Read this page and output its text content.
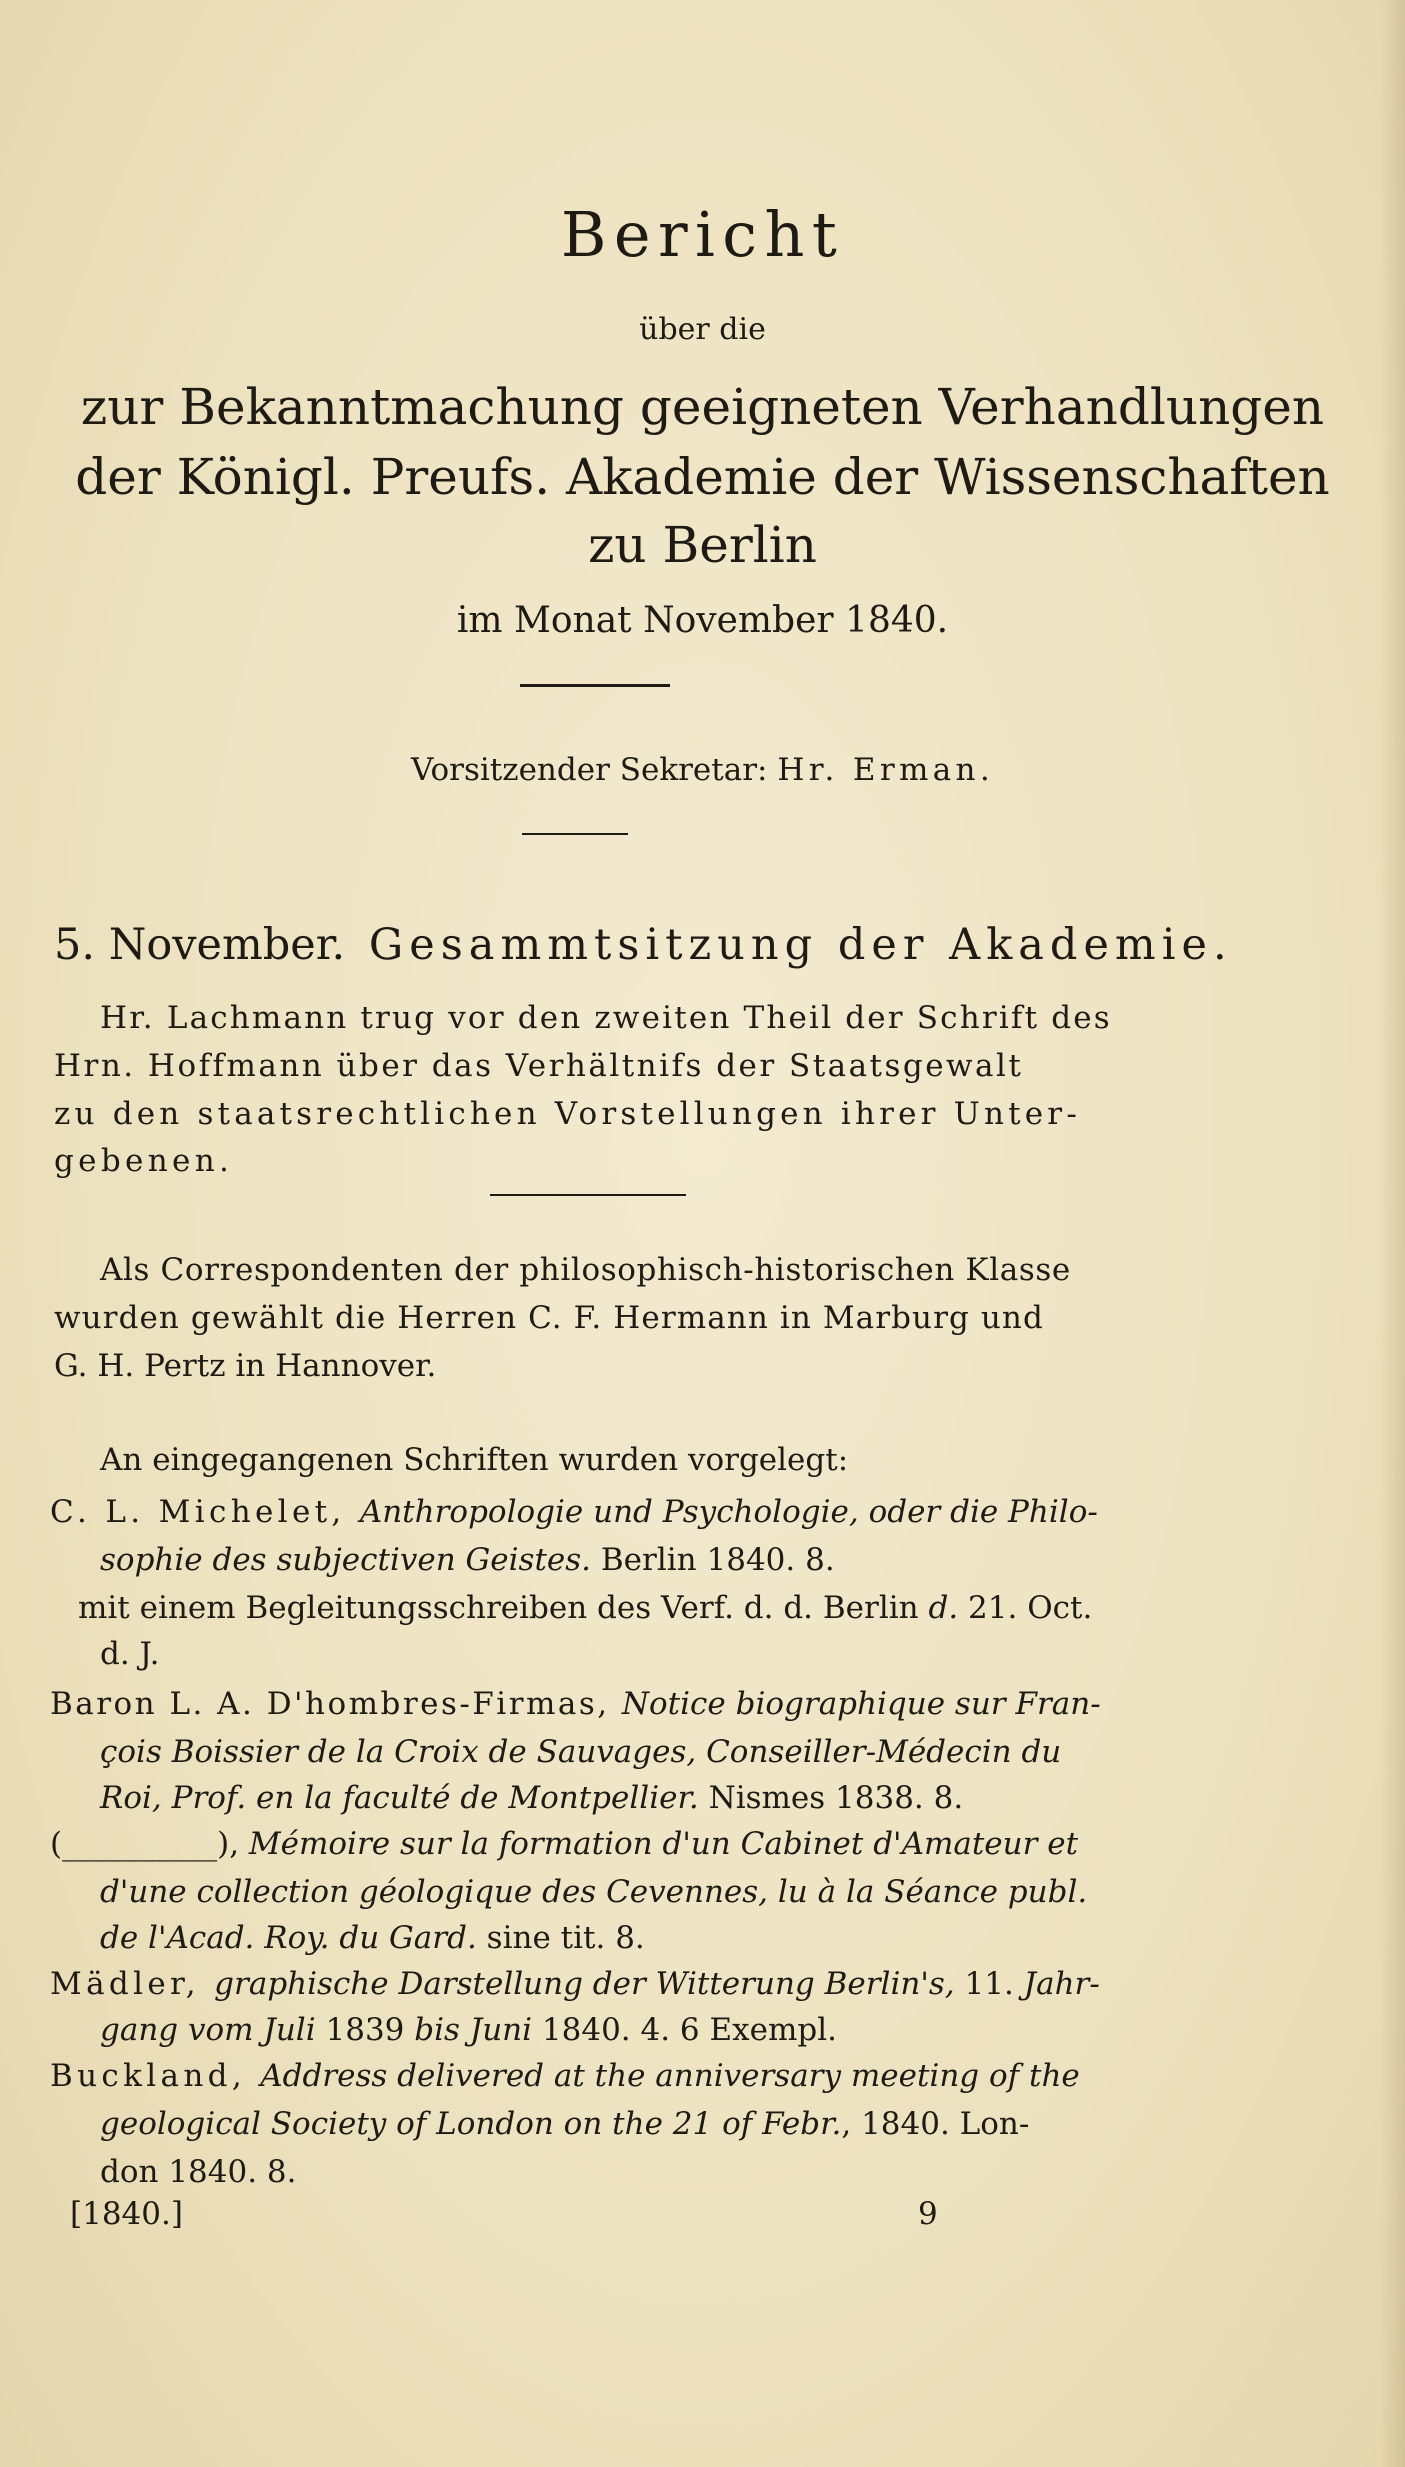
Bericht

über die

zur Bekanntmachung geeigneten Verhandlungen

der Königl. Preufs. Akademie der Wissenschaften

zu Berlin

im Monat November 1840.

Vorsitzender Sekretar: Hr. Erman.

5. November. Gesammtsitzung der Akademie.

Hr. Lachmann trug vor den zweiten Theil der Schrift des

Hrn. Hoffmann über das Verhältnifs der Staatsgewalt

zu den staatsrechtlichen Vorstellungen ihrer Unter-

gebenen.

Als Correspondenten der philosophisch-historischen Klasse

wurden gewählt die Herren C. F. Hermann in Marburg und

G. H. Pertz in Hannover.

An eingegangenen Schriften wurden vorgelegt:

C. L. Michelet, Anthropologie und Psychologie, oder die Philo-

sophie des subjectiven Geistes. Berlin 1840. 8.

mit einem Begleitungsschreiben des Verf. d. d. Berlin d. 21. Oct.

d. J.

Baron L. A. D'hombres-Firmas, Notice biographique sur Fran-

çois Boissier de la Croix de Sauvages, Conseiller-Médecin du

Roi, Prof. en la faculté de Montpellier. Nismes 1838. 8.

(__________), Mémoire sur la formation d'un Cabinet d'Amateur et

d'une collection géologique des Cevennes, lu à la Séance publ.

de l'Acad. Roy. du Gard. sine tit. 8.

Mädler, graphische Darstellung der Witterung Berlin's, 11. Jahr-

gang vom Juli 1839 bis Juni 1840. 4. 6 Exempl.

Buckland, Address delivered at the anniversary meeting of the

geological Society of London on the 21 of Febr., 1840. Lon-

don 1840. 8.

[1840.]	9
